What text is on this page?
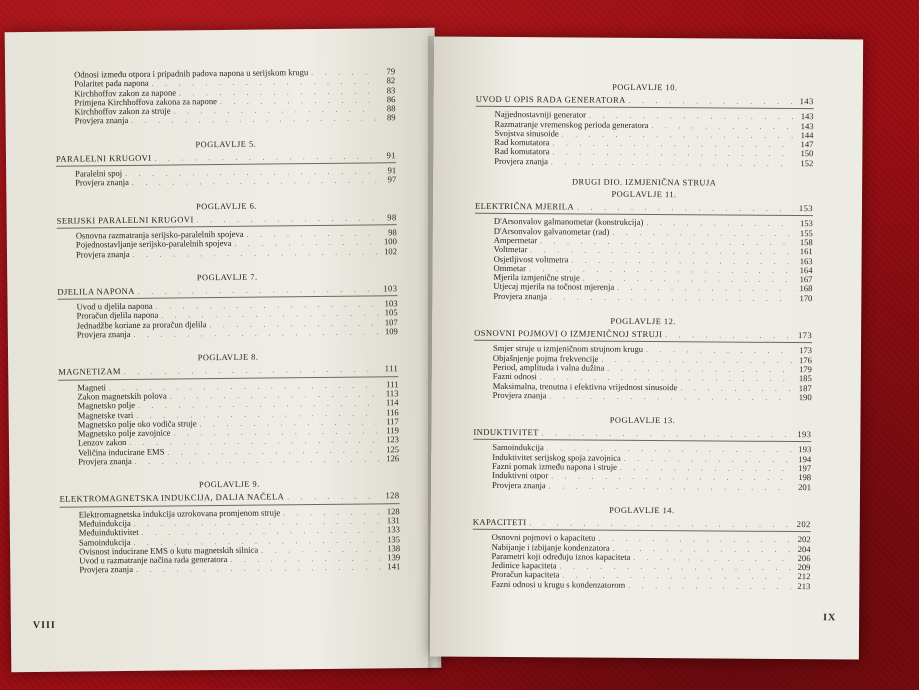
Odnosi između otpora i pripadnih padova napona u serijskom krugu . . .	79
Polaritet pada napona . . .	82
Kirchhoffov zakon za napone . . .	83
Primjena Kirchhoffova zakona za napone . . .	86
Kirchhoffov zakon za struje . . .	88
Provjera znanja . . .	89
POGLAVLJE 5.
PARALELNI KRUGOVI . . .	91
Paralelni spoj . . .	91
Provjera znanja . . .	97
POGLAVLJE 6.
SERIJSKI PARALELNI KRUGOVI . . .	98
Osnovna razmatranja serijsko-paralelnih spojeva . . .	98
Pojednostavljanje serijsko-paralelnih spojeva . . .	100
Provjera znanja . . .	102
POGLAVLJE 7.
DJELILA NAPONA . . .	103
Uvod u djelila napona . . .	103
Proračun djelila napona . . .	105
Jednadžbe koriane za proračun djelila . . .	107
Provjera znanja . . .	109
POGLAVLJE 8.
MAGNETIZAM . . .	111
Magneti . . .	111
Zakon magnetskih polova . . .	113
Magnetsko polje . . .	114
Magnetske tvari . . .	116
Magnetsko polje oko vodiča struje . . .	117
Magnetsko polje zavojnice . . .	119
Lenzov zakon . . .	123
Veličina inducirane EMS . . .	125
Provjera znanja . . .	126
POGLAVLJE 9.
ELEKTROMAGNETSKA INDUKCIJA, DALJA NAČELA . . .	128
Elektromagnetska indukcija uzrokovana promjenom struje . . .	128
Međuindukcija . . .	131
Međuinduktivitet . . .	133
Samoindukcija . . .	135
Ovisnost inducirane EMS o kutu magnetskih silnica . . .	138
Uvod u razmatranje načina rada generatora . . .	139
Provjera znanja . . .	141
VIII
POGLAVLJE 10.
UVOD U OPIS RADA GENERATORA . . .	143
Najjednostavniji generator . . .	143
Razmatranje vremenskog perioda generatora . . .	143
Svojstva sinusoide . . .	144
Rad komutatora . . .	147
Rad komutatora . . .	150
Provjera znanja . . .	152
DRUGI DIO. IZMJENIČNA STRUJA
POGLAVLJE 11.
ELEKTRIČNA MJERILA . . .	153
D'Arsonvalov galmanometar (konstrukcija) . . .	153
D'Arsonvalov galvanometar (rad) . . .	155
Ampermetar . . .	158
Voltmetar . . .	161
Osjetljivost voltmetra . . .	163
Ommetar . . .	164
Mjerila izmjenične struje . . .	167
Utjecaj mjerila na točnost mjerenja . . .	168
Provjera znanja . . .	170
POGLAVLJE 12.
OSNOVNI POJMOVI O IZMJENIČNOJ STRUJI . . .	173
Smjer struje u izmjeničnom strujnom krugu . . .	173
Objašnjenje pojma frekvencije . . .	176
Period, amplituda i valna dužina . . .	179
Fazni odnosi . . .	185
Maksimalna, trenutna i efektivna vrijednost sinusoide . . .	187
Provjera znanja . . .	190
POGLAVLJE 13.
INDUKTIVITET . . .	193
Samoindukcija . . .	193
Induktivitet serijskog spoja zavojnica . . .	194
Fazni pomak između napona i struje . . .	197
Induktivni otpor . . .	198
Provjera znanja . . .	201
POGLAVLJE 14.
KAPACITETI . . .	202
Osnovni pojmovi o kapacitetu . . .	202
Nabijanje i izbijanje kondenzatora . . .	204
Parametri koji određuju iznos kapaciteta . . .	206
Jedinice kapaciteta . . .	209
Proračun kapaciteta . . .	212
Fazni odnosi u krugu s kondenzatorom . . .	213
IX
